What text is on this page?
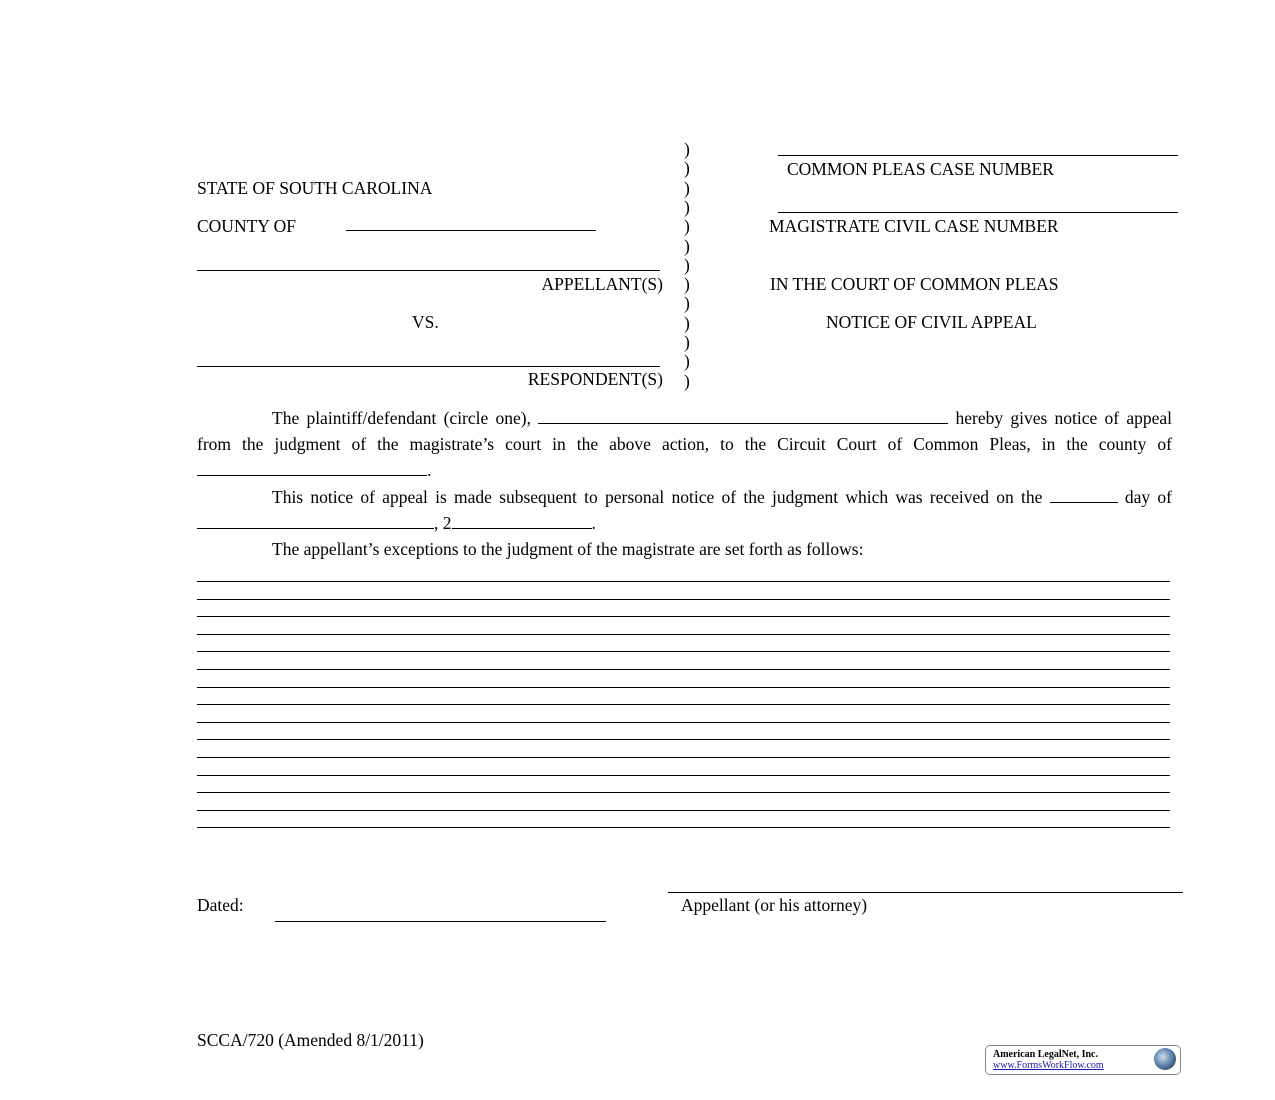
STATE OF SOUTH CAROLINA
COUNTY OF
APPELLANT(S)
VS.
RESPONDENT(S)
)
)
)
)
)
)
)
)
)
)
)
)
)
COMMON PLEAS CASE NUMBER
MAGISTRATE CIVIL CASE NUMBER
IN THE COURT OF COMMON PLEAS
NOTICE OF CIVIL APPEAL

The plaintiff/defendant (circle one),	hereby gives notice of appeal from the judgment of the magistrate’s court in the above action, to the Circuit Court of Common Pleas, in the county of .

This notice of appeal is made subsequent to personal notice of the judgment which was received on the	day of , 2	.

The appellant’s exceptions to the judgment of the magistrate are set forth as follows:

Appellant (or his attorney)
Dated:
SCCA/720 (Amended 8/1/2011)
American LegalNet, Inc.
www.FormsWorkFlow.com
